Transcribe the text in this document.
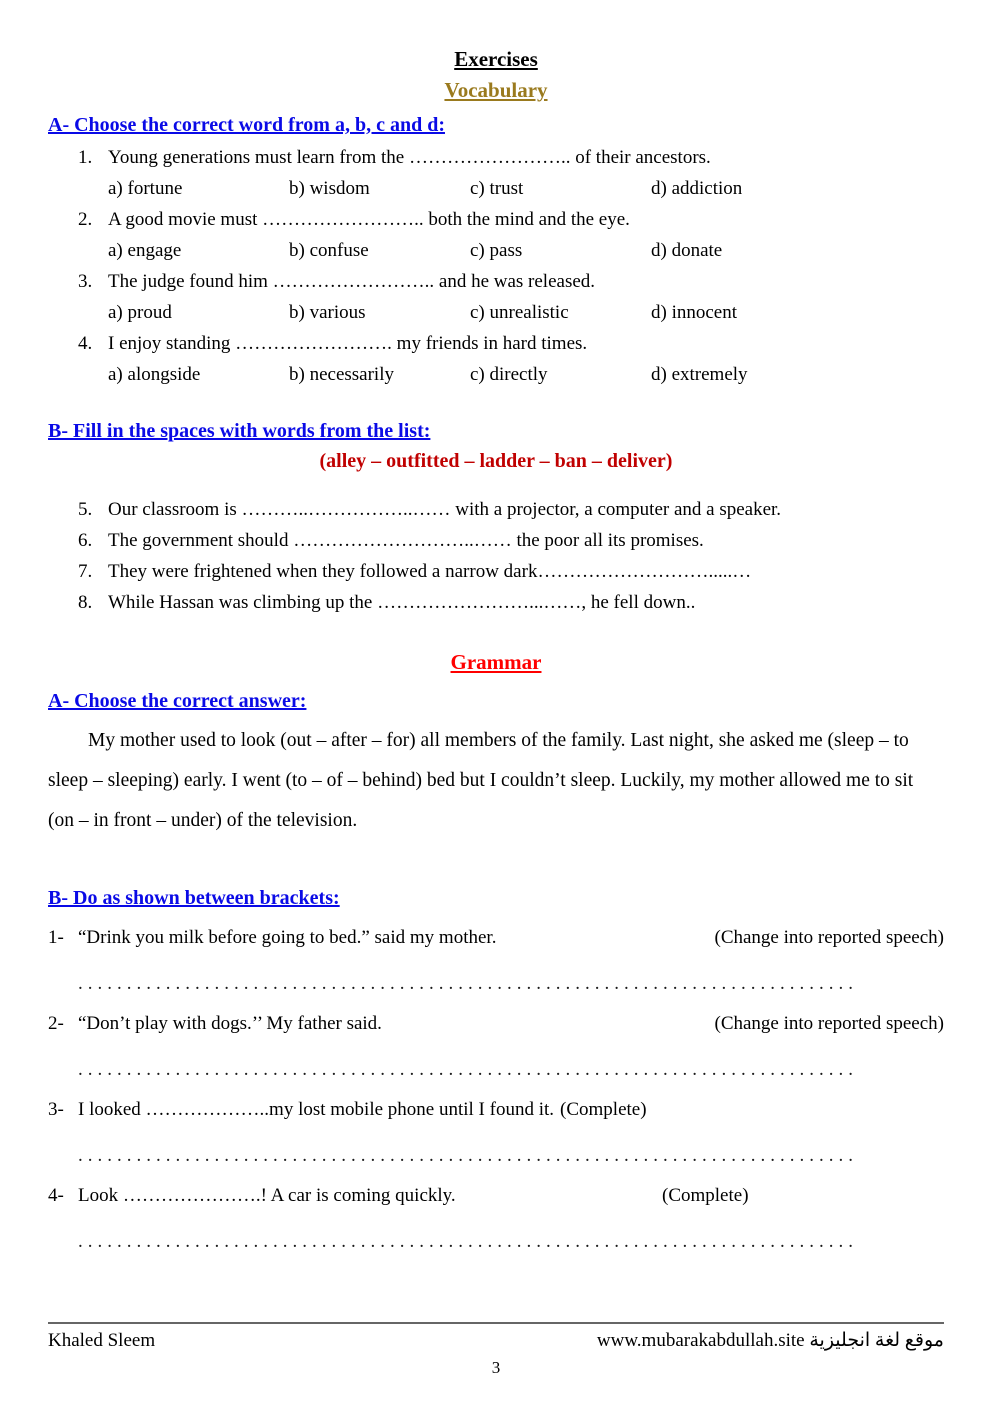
Exercises
Vocabulary
A- Choose the correct word from a, b, c and d:
1. Young generations must learn from the …………………….. of their ancestors.
a) fortune	b) wisdom	c) trust	d) addiction
2. A good movie must …………………….. both the mind and the eye.
a) engage	b) confuse	c) pass	d) donate
3. The judge found him …………………….. and he was released.
a) proud	b) various	c) unrealistic	d) innocent
4. I enjoy standing ……………………. my friends in hard times.
a) alongside	b) necessarily	c) directly	d) extremely
B- Fill in the spaces with words from the list:
(alley – outfitted – ladder – ban – deliver)
5. Our classroom is ………..……………..…… with a projector, a computer and a speaker.
6. The government should ………………………..…… the poor all its promises.
7. They were frightened when they followed a narrow dark……………………….....…
8. While Hassan was climbing up the ……………………...……, he fell down..
Grammar
A- Choose the correct answer:
My mother used to look (out – after – for) all members of the family. Last night, she asked me (sleep – to sleep – sleeping) early. I went (to – of – behind) bed but I couldn’t sleep. Luckily, my mother allowed me to sit (on – in front – under) of the television.
B- Do as shown between brackets:
1- “Drink you milk before going to bed.” said my mother.	(Change into reported speech)
................................................................................
2- “Don’t play with dogs.’’ My father said.	(Change into reported speech)
................................................................................
3- I looked ………………..my lost mobile phone until I found it. (Complete)
................................................................................
4- Look ………………….! A car is coming quickly.	(Complete)
................................................................................
Khaled Sleem	www.mubarakabdullah.site موقع لغة انجليزية
3
